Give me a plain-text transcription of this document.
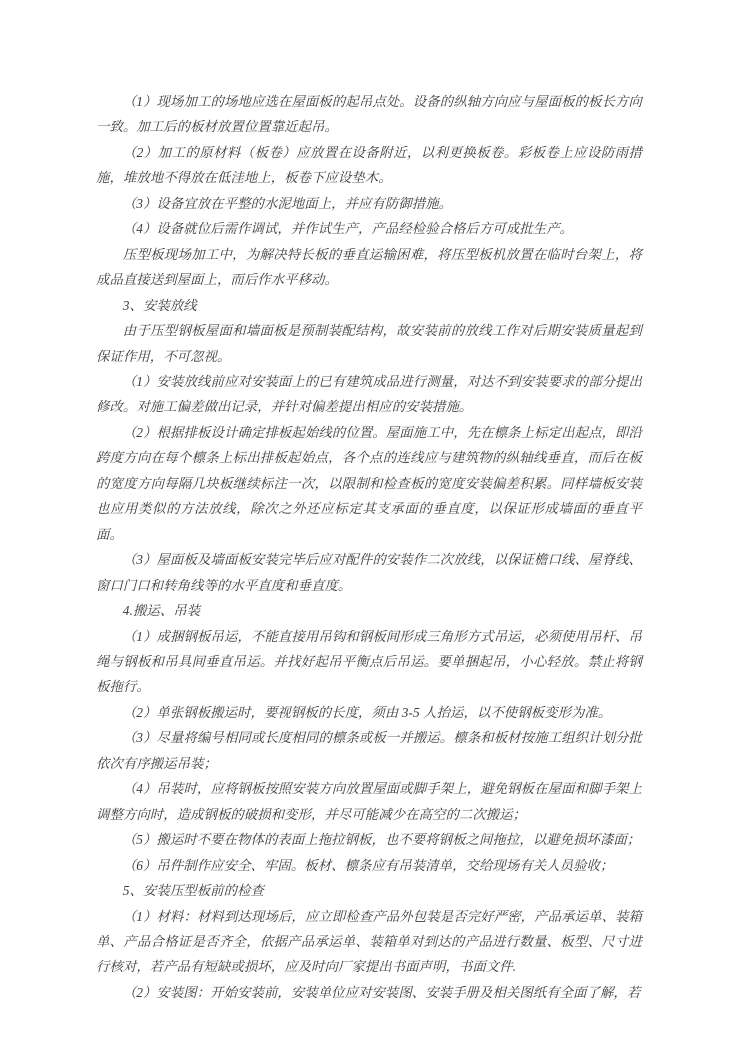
（1）现场加工的场地应选在屋面板的起吊点处。设备的纵轴方向应与屋面板的板长方向一致。加工后的板材放置位置靠近起吊。

（2）加工的原材料（板卷）应放置在设备附近，以利更换板卷。彩板卷上应设防雨措施，堆放地不得放在低洼地上，板卷下应设垫木。

（3）设备宜放在平整的水泥地面上，并应有防御措施。

（4）设备就位后需作调试，并作试生产，产品经检验合格后方可成批生产。

压型板现场加工中，为解决特长板的垂直运输困难，将压型板机放置在临时台架上，将成品直接送到屋面上，而后作水平移动。

3、安装放线

由于压型钢板屋面和墙面板是预制装配结构，故安装前的放线工作对后期安装质量起到保证作用，不可忽视。

（1）安装放线前应对安装面上的已有建筑成品进行测量，对达不到安装要求的部分提出修改。对施工偏差做出记录，并针对偏差提出相应的安装措施。

（2）根据排板设计确定排板起始线的位置。屋面施工中，先在檩条上标定出起点，即沿跨度方向在每个檩条上标出排板起始点，各个点的连线应与建筑物的纵轴线垂直，而后在板的宽度方向每隔几块板继续标注一次，以限制和检查板的宽度安装偏差积累。同样墙板安装也应用类似的方法放线，除次之外还应标定其支承面的垂直度，以保证形成墙面的垂直平面。

（3）屋面板及墙面板安装完毕后应对配件的安装作二次放线，以保证檐口线、屋脊线、窗口门口和转角线等的水平直度和垂直度。

4.搬运、吊装

（1）成捆钢板吊运，不能直接用吊钩和钢板间形成三角形方式吊运，必须使用吊杆、吊绳与钢板和吊具间垂直吊运。并找好起吊平衡点后吊运。要单捆起吊，小心轻放。禁止将钢板拖行。

（2）单张钢板搬运时，要视钢板的长度，须由 3-5 人抬运，以不使钢板变形为准。

（3）尽量将编号相同或长度相同的檩条或板一并搬运。檩条和板材按施工组织计划分批依次有序搬运吊装；

（4）吊装时，应将钢板按照安装方向放置屋面或脚手架上，避免钢板在屋面和脚手架上调整方向时，造成钢板的破损和变形，并尽可能减少在高空的二次搬运；

（5）搬运时不要在物体的表面上拖拉钢板，也不要将钢板之间拖拉，以避免损坏漆面；

（6）吊件制作应安全、牢固。板材、檩条应有吊装清单，交给现场有关人员验收；

5、安装压型板前的检查

（1）材料：材料到达现场后，应立即检查产品外包装是否完好严密，产品承运单、装箱单、产品合格证是否齐全，依据产品承运单、装箱单对到达的产品进行数量、板型、尺寸进行核对，若产品有短缺或损坏，应及时向厂家提出书面声明，书面文件.

（2）安装图：开始安装前，安装单位应对安装图、安装手册及相关图纸有全面了解，若
